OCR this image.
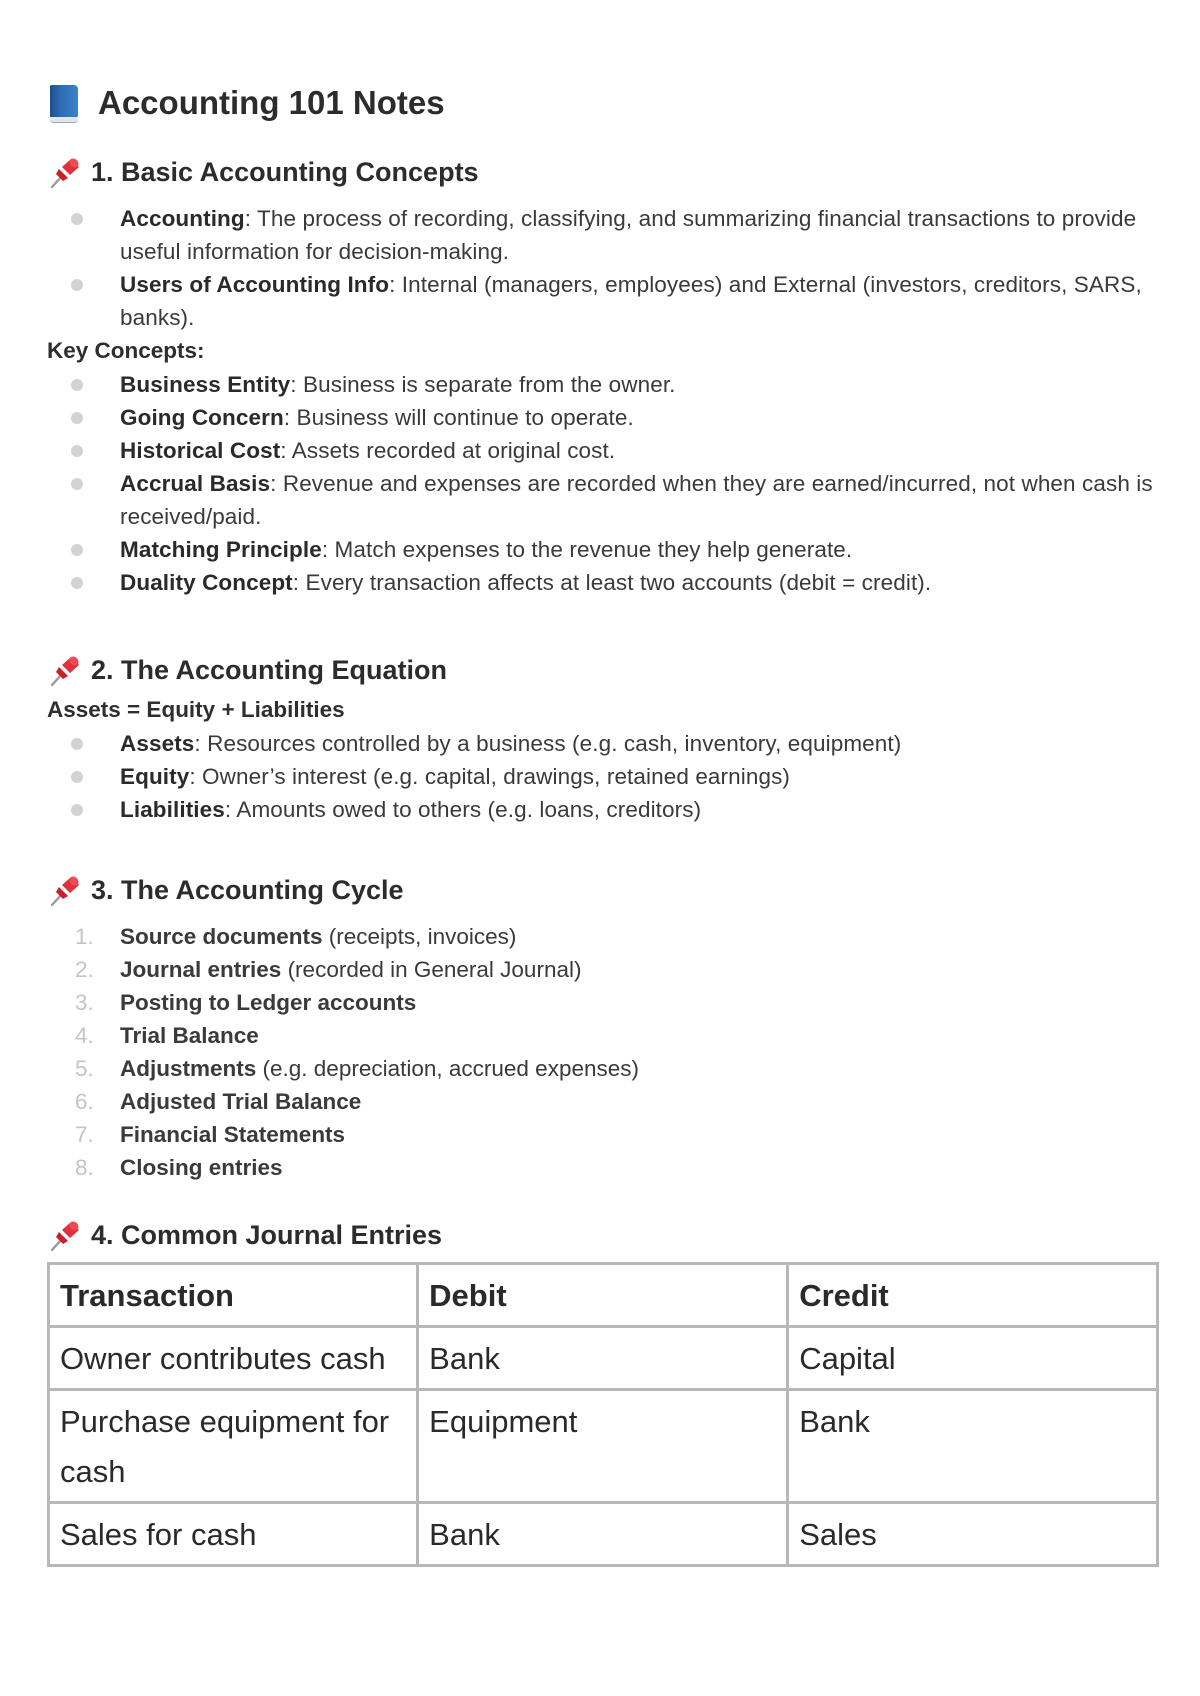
Accounting 101 Notes
1. Basic Accounting Concepts
Accounting: The process of recording, classifying, and summarizing financial transactions to provide useful information for decision-making.
Users of Accounting Info: Internal (managers, employees) and External (investors, creditors, SARS, banks).

Key Concepts:

Business Entity: Business is separate from the owner.
Going Concern: Business will continue to operate.
Historical Cost: Assets recorded at original cost.
Accrual Basis: Revenue and expenses are recorded when they are earned/incurred, not when cash is received/paid.
Matching Principle: Match expenses to the revenue they help generate.
Duality Concept: Every transaction affects at least two accounts (debit = credit).
2. The Accounting Equation

Assets = Equity + Liabilities

Assets: Resources controlled by a business (e.g. cash, inventory, equipment)
Equity: Owner’s interest (e.g. capital, drawings, retained earnings)
Liabilities: Amounts owed to others (e.g. loans, creditors)
3. The Accounting Cycle
1. Source documents (receipts, invoices)
2. Journal entries (recorded in General Journal)
3. Posting to Ledger accounts
4. Trial Balance
5. Adjustments (e.g. depreciation, accrued expenses)
6. Adjusted Trial Balance
7. Financial Statements
8. Closing entries
4. Common Journal Entries
Transaction	Debit	Credit
Owner contributes cash	Bank	Capital
Purchase equipment for cash	Equipment	Bank
Sales for cash	Bank	Sales
